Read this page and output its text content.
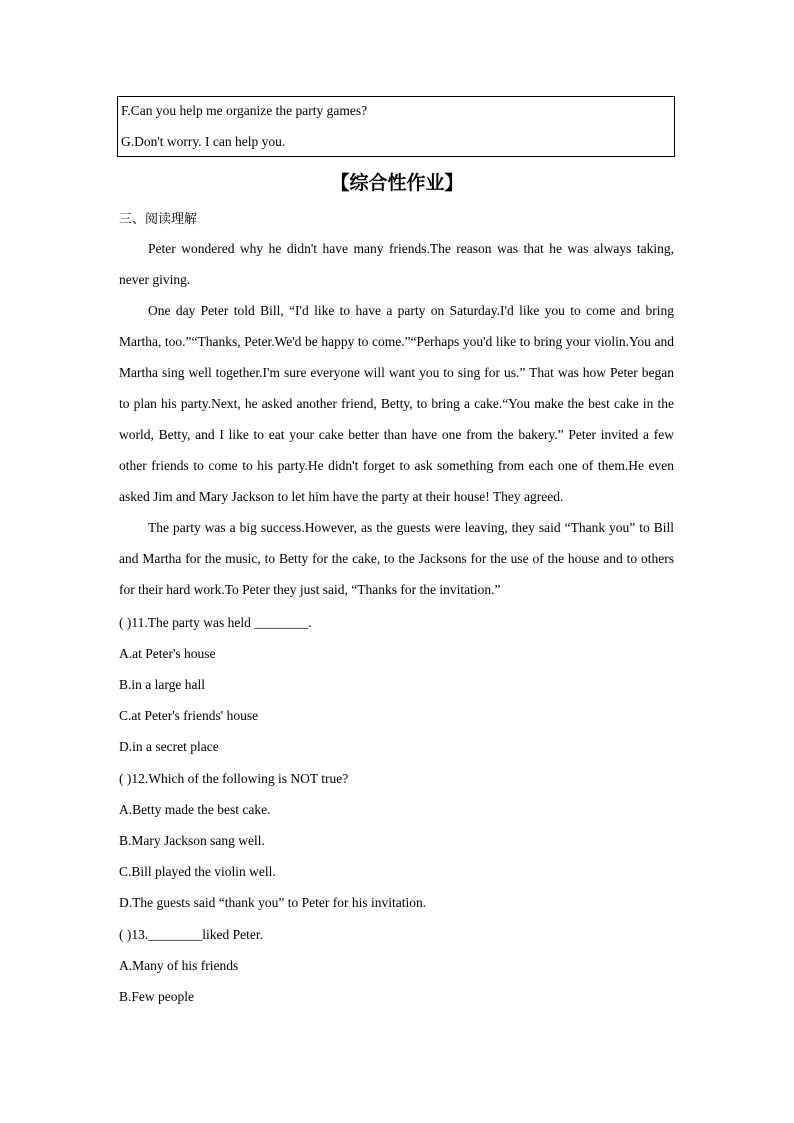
F.Can you help me organize the party games?
G.Don't worry. I can help you.
【综合性作业】
三、阅读理解
Peter wondered why he didn't have many friends.The reason was that he was always taking, never giving.
One day Peter told Bill, “I'd like to have a party on Saturday.I'd like you to come and bring Martha, too.”“Thanks, Peter.We'd be happy to come.”“Perhaps you'd like to bring your violin.You and Martha sing well together.I'm sure everyone will want you to sing for us.” That was how Peter began to plan his party.Next, he asked another friend, Betty, to bring a cake.“You make the best cake in the world, Betty, and I like to eat your cake better than have one from the bakery.” Peter invited a few other friends to come to his party.He didn't forget to ask something from each one of them.He even asked Jim and Mary Jackson to let him have the party at their house! They agreed.
The party was a big success.However, as the guests were leaving, they said “Thank you” to Bill and Martha for the music, to Betty for the cake, to the Jacksons for the use of the house and to others for their hard work.To Peter they just said, “Thanks for the invitation.”
( )11.The party was held ________.
A.at Peter's house
B.in a large hall
C.at Peter's friends' house
D.in a secret place
( )12.Which of the following is NOT true?
A.Betty made the best cake.
B.Mary Jackson sang well.
C.Bill played the violin well.
D.The guests said “thank you” to Peter for his invitation.
( )13.________liked Peter.
A.Many of his friends
B.Few people
